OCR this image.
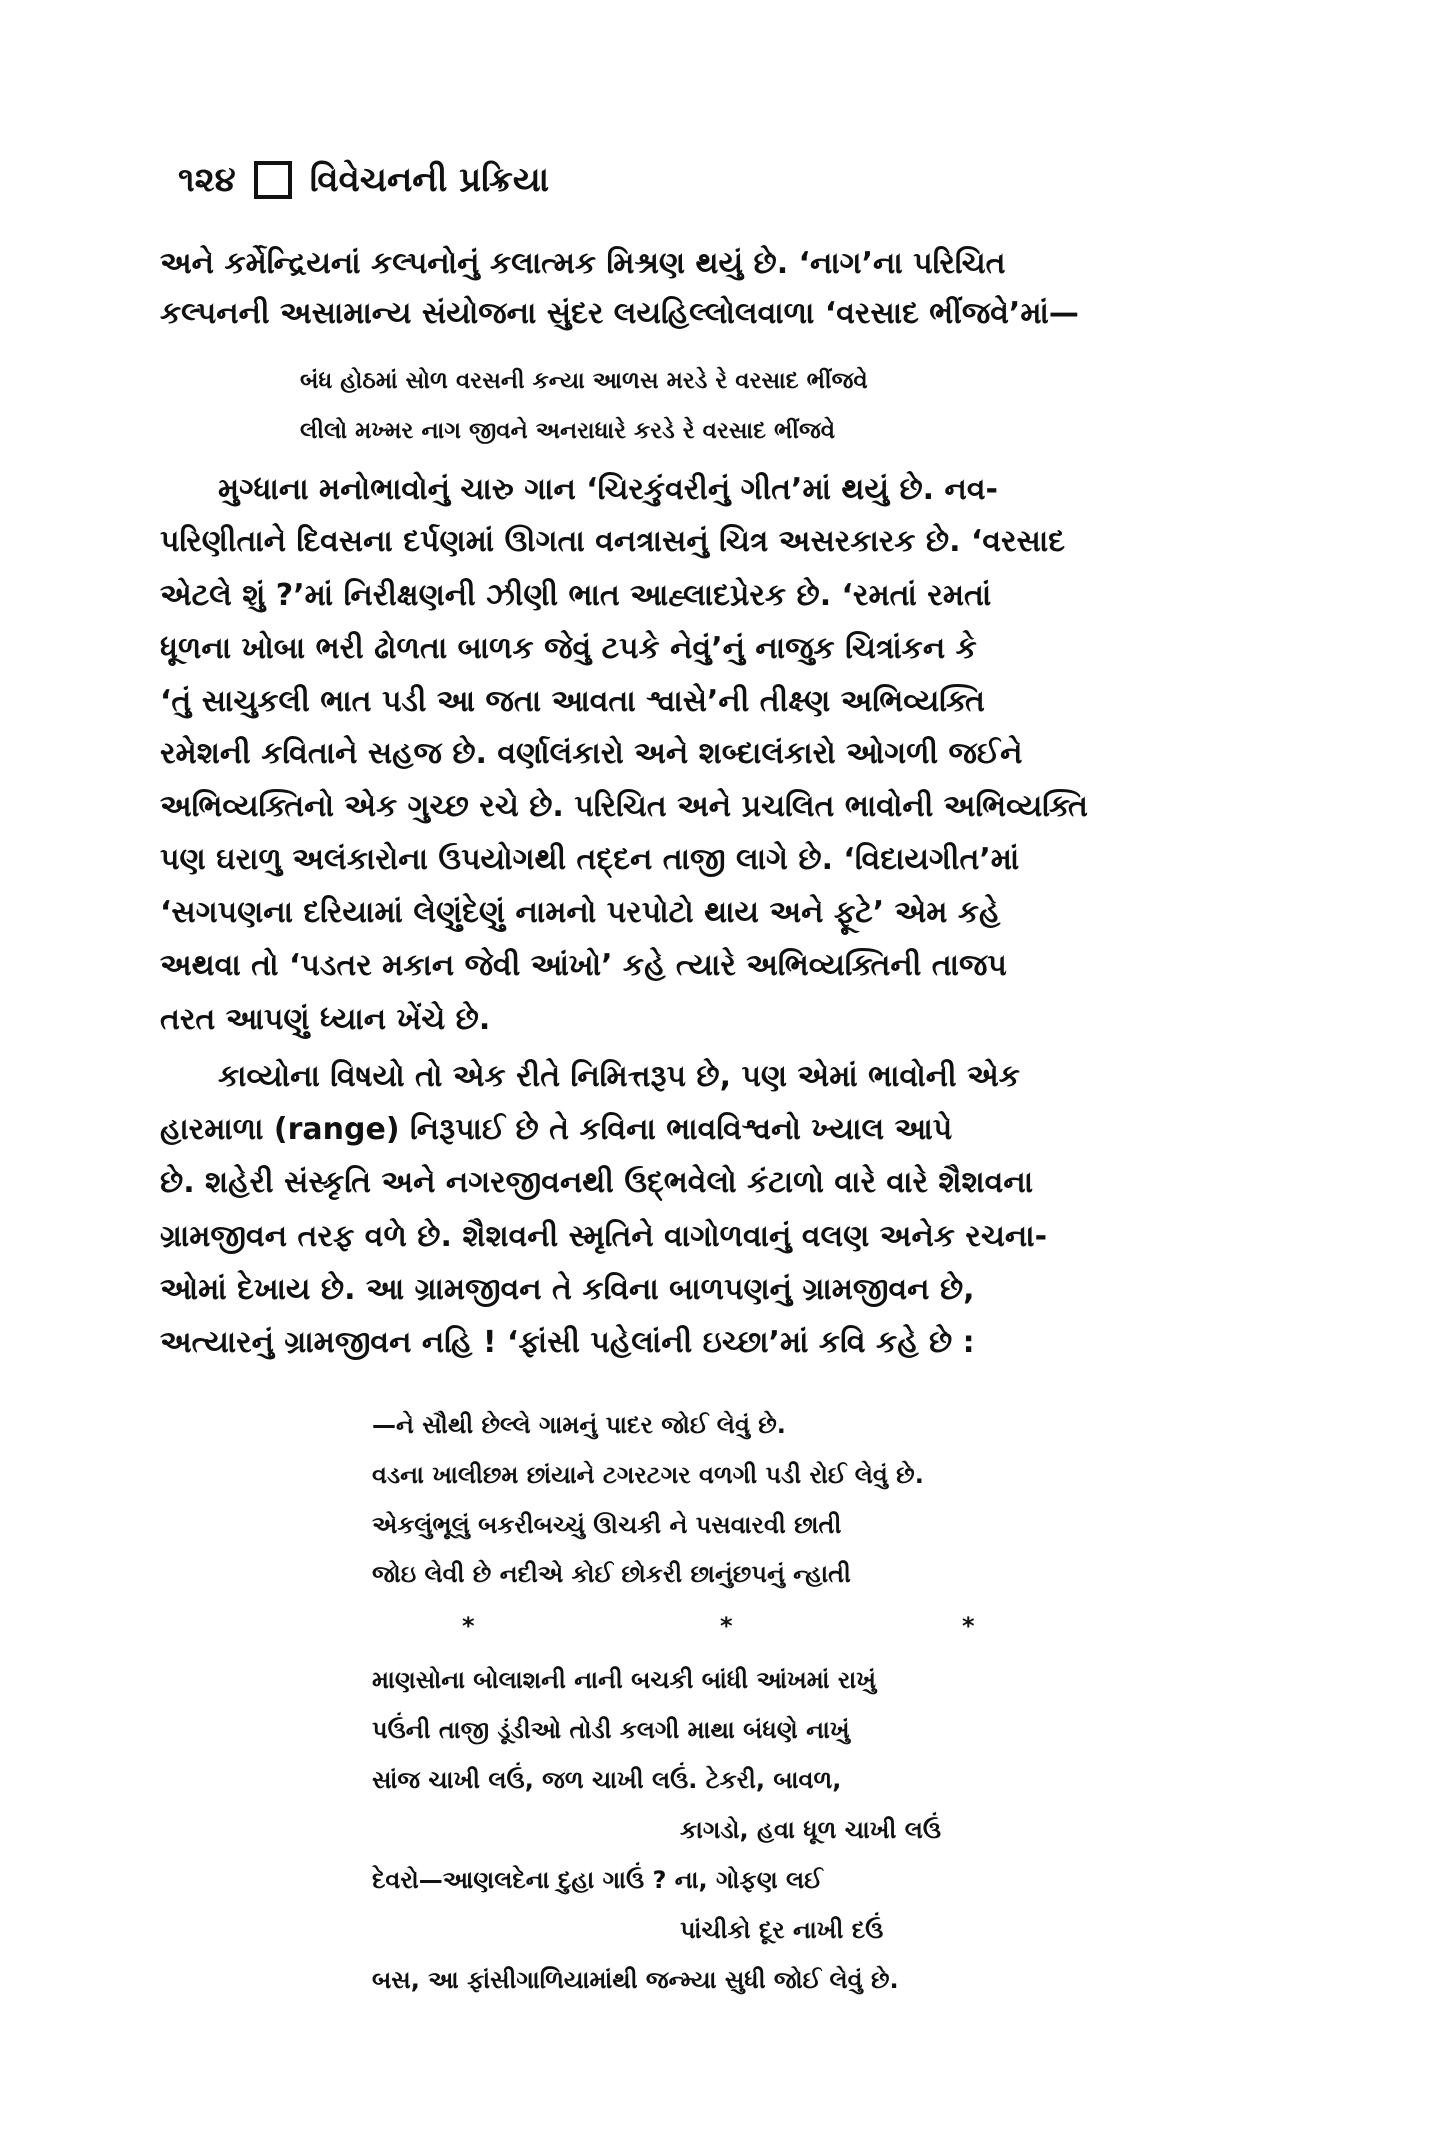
૧૨૪ વિવેચનની પ્રક્રિયા
અને કર્મેન્દ્રિયનાં કલ્પનોનું કલાત્મક મિશ્રણ થયું છે. ‘નાગ’ના પરિચિત
કલ્પનની અસામાન્ય સંયોજના સુંદર લયહિલ્લોલવાળા ‘વરસાદ ભીંજવે’માં—
બંધ હોઠમાં સોળ વરસની કન્યા આળસ મરડે રે વરસાદ ભીંજવે
લીલો મખ્મર નાગ જીવને અનરાધારે કરડે રે વરસાદ ભીંજવે
મુગ્ધાના મનોભાવોનું ચારુ ગાન ‘ચિરકુંવરીનું ગીત’માં થયું છે. નવ-
પરિણીતાને દિવસના દર્પણમાં ઊગતા વનત્રાસનું ચિત્ર અસરકારક છે. ‘વરસાદ
એટલે શું ?’માં નિરીક્ષણની ઝીણી ભાત આહ્લાદપ્રેરક છે. ‘રમતાં રમતાં
ધૂળના ખોબા ભરી ઢોળતા બાળક જેવું ટપકે નેવું’નું નાજુક ચિત્રાંકન કે
‘તું સાચુકલી ભાત પડી આ જતા આવતા શ્વાસે’ની તીક્ષ્ણ અભિવ્યક્તિ
રમેશની કવિતાને સહજ છે. વર્ણાલંકારો અને શબ્દાલંકારો ઓગળી જઈને
અભિવ્યક્તિનો એક ગુચ્છ રચે છે. પરિચિત અને પ્રચલિત ભાવોની અભિવ્યક્તિ
પણ ઘરાળુ અલંકારોના ઉપયોગથી તદ્દન તાજી લાગે છે. ‘વિદાયગીત’માં
‘સગપણના દરિયામાં લેણુંદેણું નામનો પરપોટો થાય અને ફૂટે’ એમ કહે
અથવા તો ‘પડતર મકાન જેવી આંખો’ કહે ત્યારે અભિવ્યક્તિની તાજપ
તરત આપણું ધ્યાન ખેંચે છે.
કાવ્યોના વિષયો તો એક રીતે નિમિત્તરૂપ છે, પણ એમાં ભાવોની એક
હારમાળા (range) નિરૂપાઈ છે તે કવિના ભાવવિશ્વનો ખ્યાલ આપે
છે. શહેરી સંસ્કૃતિ અને નગરજીવનથી ઉદ્ભવેલો કંટાળો વારે વારે શૈશવના
ગ્રામજીવન તરફ વળે છે. શૈશવની સ્મૃતિને વાગોળવાનું વલણ અનેક રચના-
ઓમાં દેખાય છે. આ ગ્રામજીવન તે કવિના બાળપણનું ગ્રામજીવન છે,
અત્યારનું ગ્રામજીવન નહિ ! ‘ફાંસી પહેલાંની ઇચ્છા’માં કવિ કહે છે :
—ને સૌથી છેલ્લે ગામનું પાદર જોઈ લેવું છે.
વડના ખાલીછમ છાંયાને ટગરટગર વળગી પડી રોઈ લેવું છે.
એકલુંભૂલું બકરીબચ્ચું ઊચકી ને પસવારવી છાતી
જોઇ લેવી છે નદીએ કોઈ છોકરી છાનુંછપનું ન્હાતી
*	*	*
માણસોના બોલાશની નાની બચકી બાંધી આંખમાં રાખું
પઉંની તાજી ડૂંડીઓ તોડી કલગી માથા બંધણે નાખું
સાંજ ચાખી લઉં, જળ ચાખી લઉં. ટેકરી, બાવળ,
કાગડો, હવા ધૂળ ચાખી લઉં
દેવરો—આણલદેના દુહા ગાઉં ? ના, ગોફણ લઈ
પાંચીકો દૂર નાખી દઉં
બસ, આ ફાંસીગાળિયામાંથી જન્મ્યા સુધી જોઈ લેવું છે.
